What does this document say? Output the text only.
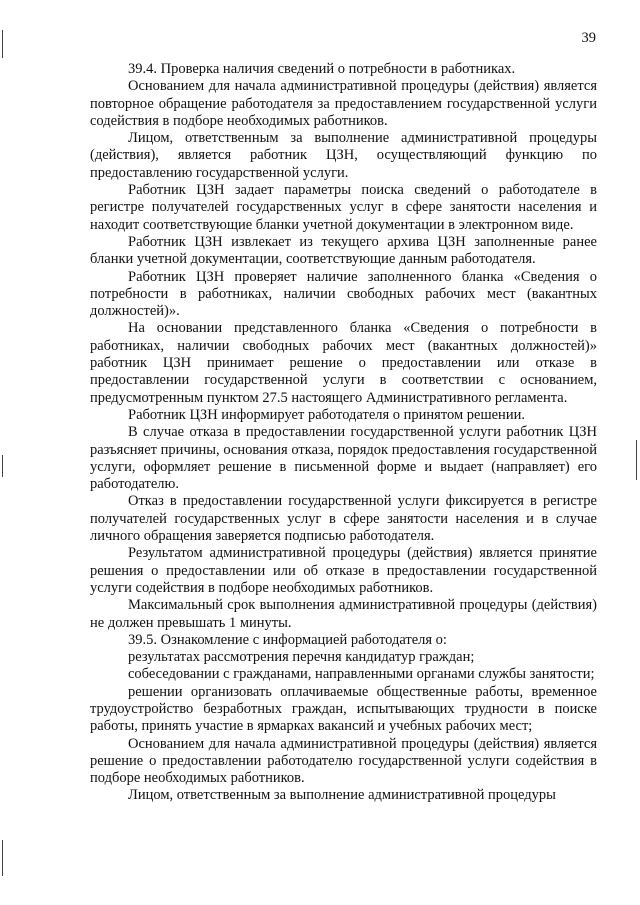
39

39.4. Проверка наличия сведений о потребности в работниках.

Основанием для начала административной процедуры (действия) является повторное обращение работодателя за предоставлением государственной услуги содействия в подборе необходимых работников.

Лицом, ответственным за выполнение административной процедуры (действия), является работник ЦЗН, осуществляющий функцию по предоставлению государственной услуги.

Работник ЦЗН задает параметры поиска сведений о работодателе в регистре получателей государственных услуг в сфере занятости населения и находит соответствующие бланки учетной документации в электронном виде.

Работник ЦЗН извлекает из текущего архива ЦЗН заполненные ранее бланки учетной документации, соответствующие данным работодателя.

Работник ЦЗН проверяет наличие заполненного бланка «Сведения о потребности в работниках, наличии свободных рабочих мест (вакантных должностей)».

На основании представленного бланка «Сведения о потребности в работниках, наличии свободных рабочих мест (вакантных должностей)» работник ЦЗН принимает решение о предоставлении или отказе в предоставлении государственной услуги в соответствии с основанием, предусмотренным пунктом 27.5 настоящего Административного регламента.

Работник ЦЗН информирует работодателя о принятом решении.

В случае отказа в предоставлении государственной услуги работник ЦЗН разъясняет причины, основания отказа, порядок предоставления государственной услуги, оформляет решение в письменной форме и выдает (направляет) его работодателю.

Отказ в предоставлении государственной услуги фиксируется в регистре получателей государственных услуг в сфере занятости населения и в случае личного обращения заверяется подписью работодателя.

Результатом административной процедуры (действия) является принятие решения о предоставлении или об отказе в предоставлении государственной услуги содействия в подборе необходимых работников.

Максимальный срок выполнения административной процедуры (действия) не должен превышать 1 минуты.

39.5. Ознакомление с информацией работодателя о:

результатах рассмотрения перечня кандидатур граждан;

собеседовании с гражданами, направленными органами службы занятости;

решении организовать оплачиваемые общественные работы, временное трудоустройство безработных граждан, испытывающих трудности в поиске работы, принять участие в ярмарках вакансий и учебных рабочих мест;

Основанием для начала административной процедуры (действия) является решение о предоставлении работодателю государственной услуги содействия в подборе необходимых работников.

Лицом, ответственным за выполнение административной процедуры
